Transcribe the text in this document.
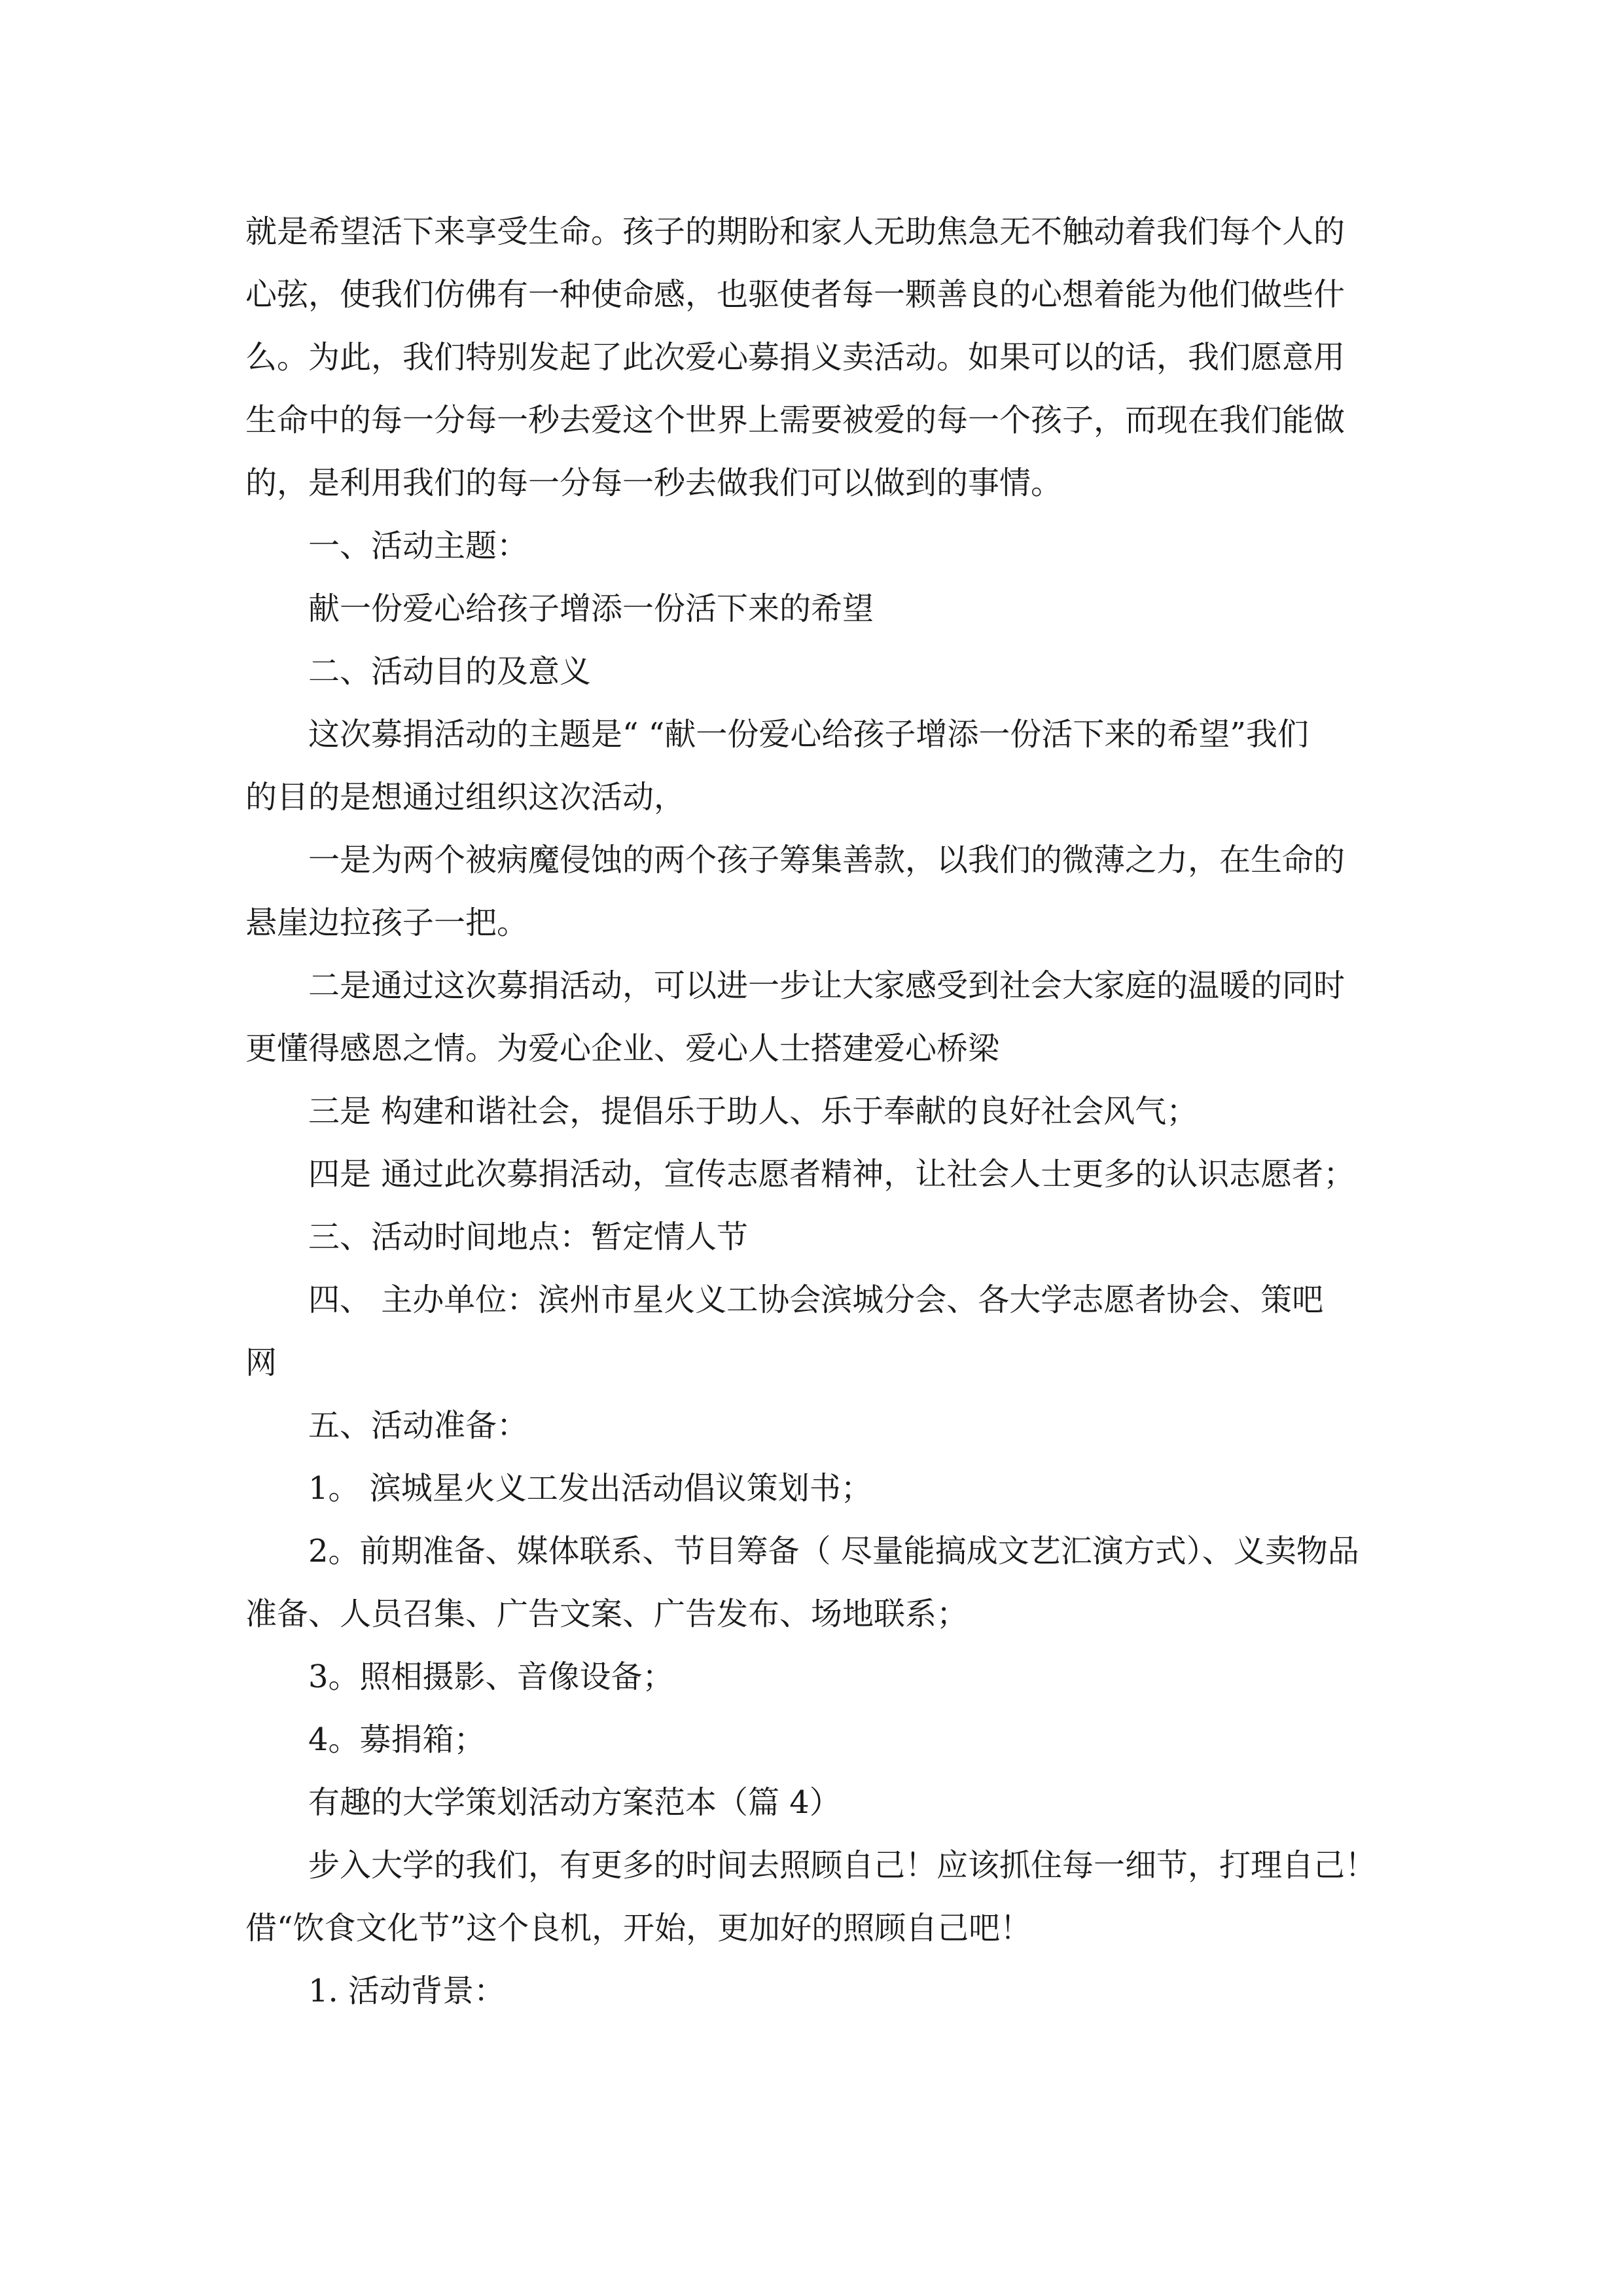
就是希望活下来享受生命。孩子的期盼和家人无助焦急无不触动着我们每个人的

心弦，使我们仿佛有一种使命感，也驱使者每一颗善良的心想着能为他们做些什

么。为此，我们特别发起了此次爱心募捐义卖活动。如果可以的话，我们愿意用

生命中的每一分每一秒去爱这个世界上需要被爱的每一个孩子，而现在我们能做

的，是利用我们的每一分每一秒去做我们可以做到的事情。

一、活动主题：

献一份爱心给孩子增添一份活下来的希望

二、活动目的及意义

这次募捐活动的主题是“ “献一份爱心给孩子增添一份活下来的希望”我们

的目的是想通过组织这次活动，

一是为两个被病魔侵蚀的两个孩子筹集善款，以我们的微薄之力，在生命的

悬崖边拉孩子一把。

二是通过这次募捐活动，可以进一步让大家感受到社会大家庭的温暖的同时

更懂得感恩之情。为爱心企业、爱心人士搭建爱心桥梁

三是 构建和谐社会，提倡乐于助人、乐于奉献的良好社会风气；

四是 通过此次募捐活动，宣传志愿者精神，让社会人士更多的认识志愿者；

三、活动时间地点：暂定情人节

四、 主办单位：滨州市星火义工协会滨城分会、各大学志愿者协会、策吧

网

五、活动准备：

1。 滨城星火义工发出活动倡议策划书；

2。前期准备、媒体联系、节目筹备（ 尽量能搞成文艺汇演方式）、义卖物品

准备、人员召集、广告文案、广告发布、场地联系；

3。照相摄影、音像设备；

4。募捐箱；

有趣的大学策划活动方案范本（篇 4）

步入大学的我们，有更多的时间去照顾自己！应该抓住每一细节，打理自己！

借“饮食文化节”这个良机，开始，更加好的照顾自己吧！

1. 活动背景：
